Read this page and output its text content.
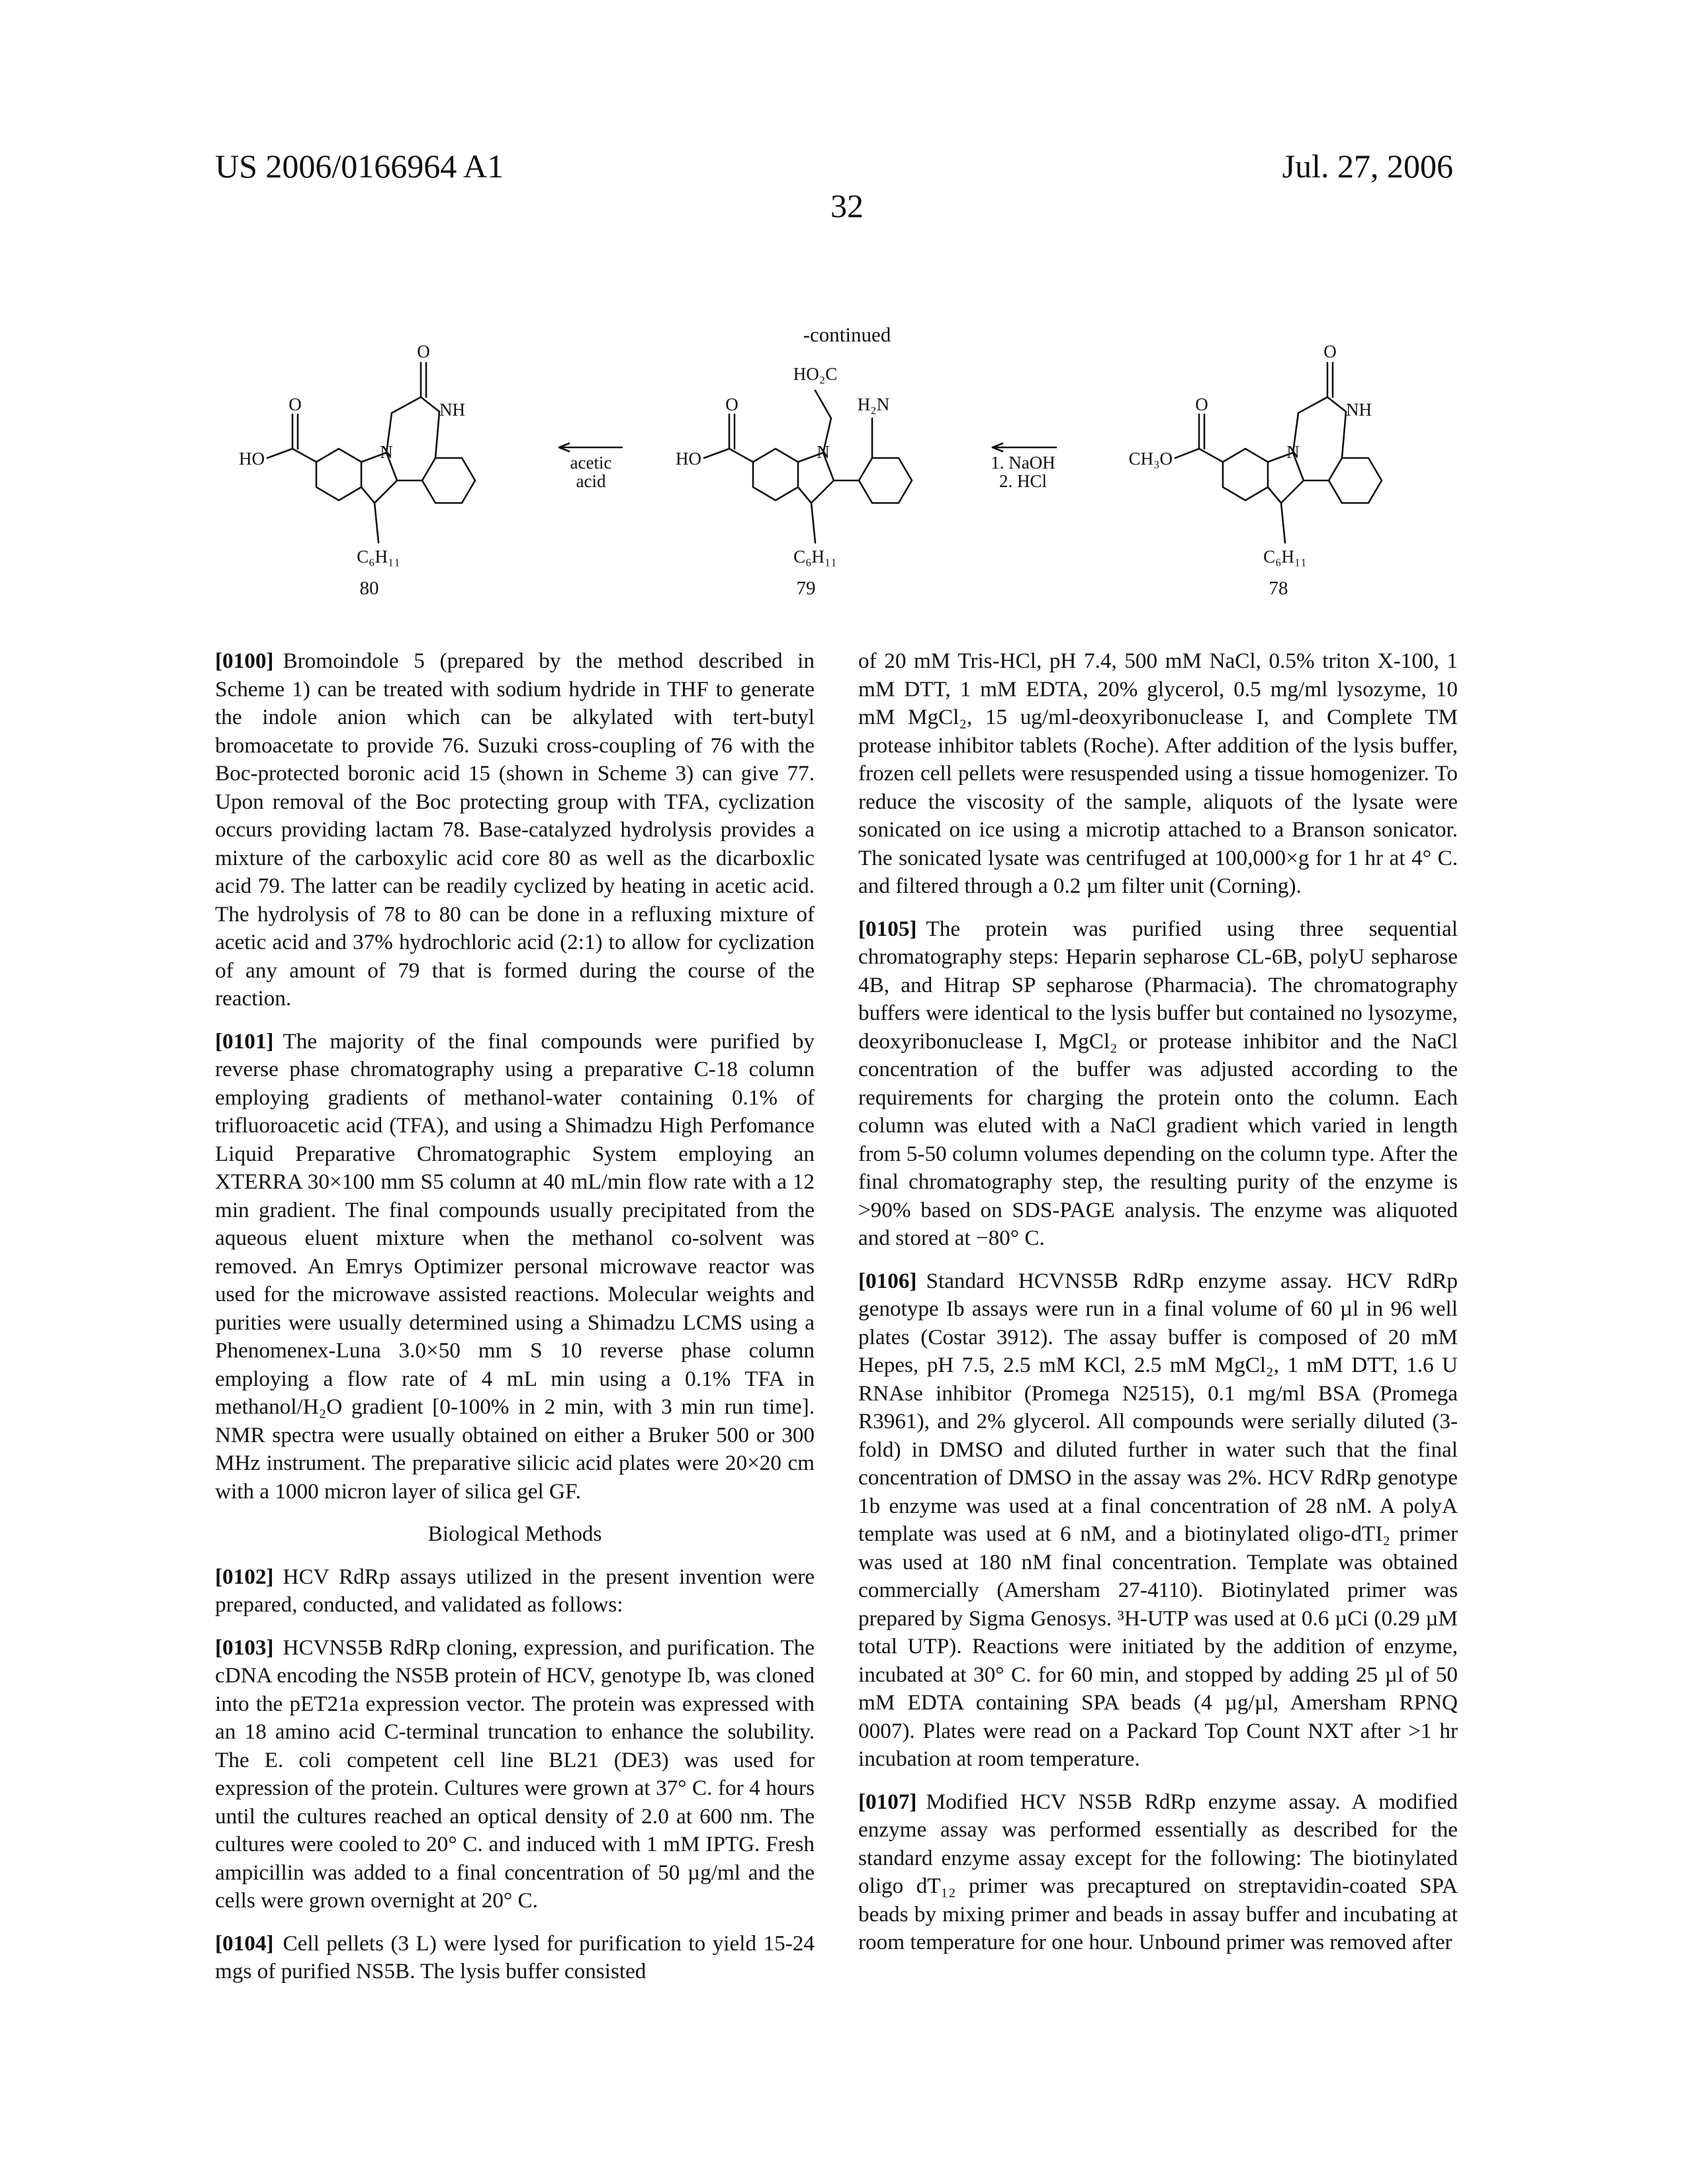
US 2006/0166964 A1
32
Jul. 27, 2006
-continued
O
O
HO	N
NH
C₆H₁₁
80
acetic
acid
HO₂C
H₂N
O
HO	N
C₆H₁₁
79
1. NaOH
2. HCl
O
O
CH₃O	N
NH
C₆H₁₁
78

[0100] Bromoindole 5 (prepared by the method described in Scheme 1) can be treated with sodium hydride in THF to generate the indole anion which can be alkylated with tert-butyl bromoacetate to provide 76. Suzuki cross-coupling of 76 with the Boc-protected boronic acid 15 (shown in Scheme 3) can give 77. Upon removal of the Boc protecting group with TFA, cyclization occurs providing lactam 78. Base-catalyzed hydrolysis provides a mixture of the carboxylic acid core 80 as well as the dicarboxlic acid 79. The latter can be readily cyclized by heating in acetic acid. The hydrolysis of 78 to 80 can be done in a refluxing mixture of acetic acid and 37% hydrochloric acid (2:1) to allow for cyclization of any amount of 79 that is formed during the course of the reaction.

[0101] The majority of the final compounds were purified by reverse phase chromatography using a preparative C-18 column employing gradients of methanol-water containing 0.1% of trifluoroacetic acid (TFA), and using a Shimadzu High Perfomance Liquid Preparative Chromatographic System employing an XTERRA 30×100 mm S5 column at 40 mL/min flow rate with a 12 min gradient. The final compounds usually precipitated from the aqueous eluent mixture when the methanol co-solvent was removed. An Emrys Optimizer personal microwave reactor was used for the microwave assisted reactions. Molecular weights and purities were usually determined using a Shimadzu LCMS using a Phenomenex-Luna 3.0×50 mm S 10 reverse phase column employing a flow rate of 4 mL min using a 0.1% TFA in methanol/H₂O gradient [0-100% in 2 min, with 3 min run time]. NMR spectra were usually obtained on either a Bruker 500 or 300 MHz instrument. The preparative silicic acid plates were 20×20 cm with a 1000 micron layer of silica gel GF.

Biological Methods

[0102] HCV RdRp assays utilized in the present invention were prepared, conducted, and validated as follows:

[0103] HCVNS5B RdRp cloning, expression, and purification. The cDNA encoding the NS5B protein of HCV, genotype Ib, was cloned into the pET21a expression vector. The protein was expressed with an 18 amino acid C-terminal truncation to enhance the solubility. The E. coli competent cell line BL21 (DE3) was used for expression of the protein. Cultures were grown at 37° C. for 4 hours until the cultures reached an optical density of 2.0 at 600 nm. The cultures were cooled to 20° C. and induced with 1 mM IPTG. Fresh ampicillin was added to a final concentration of 50 µg/ml and the cells were grown overnight at 20° C.

[0104] Cell pellets (3 L) were lysed for purification to yield 15-24 mgs of purified NS5B. The lysis buffer consisted

of 20 mM Tris-HCl, pH 7.4, 500 mM NaCl, 0.5% triton X-100, 1 mM DTT, 1 mM EDTA, 20% glycerol, 0.5 mg/ml lysozyme, 10 mM MgCl₂, 15 ug/ml-deoxyribonuclease I, and Complete TM protease inhibitor tablets (Roche). After addition of the lysis buffer, frozen cell pellets were resuspended using a tissue homogenizer. To reduce the viscosity of the sample, aliquots of the lysate were sonicated on ice using a microtip attached to a Branson sonicator. The sonicated lysate was centrifuged at 100,000×g for 1 hr at 4° C. and filtered through a 0.2 µm filter unit (Corning).

[0105] The protein was purified using three sequential chromatography steps: Heparin sepharose CL-6B, polyU sepharose 4B, and Hitrap SP sepharose (Pharmacia). The chromatography buffers were identical to the lysis buffer but contained no lysozyme, deoxyribonuclease I, MgCl₂ or protease inhibitor and the NaCl concentration of the buffer was adjusted according to the requirements for charging the protein onto the column. Each column was eluted with a NaCl gradient which varied in length from 5-50 column volumes depending on the column type. After the final chromatography step, the resulting purity of the enzyme is >90% based on SDS-PAGE analysis. The enzyme was aliquoted and stored at −80° C.

[0106] Standard HCVNS5B RdRp enzyme assay. HCV RdRp genotype Ib assays were run in a final volume of 60 µl in 96 well plates (Costar 3912). The assay buffer is composed of 20 mM Hepes, pH 7.5, 2.5 mM KCl, 2.5 mM MgCl₂, 1 mM DTT, 1.6 U RNAse inhibitor (Promega N2515), 0.1 mg/ml BSA (Promega R3961), and 2% glycerol. All compounds were serially diluted (3-fold) in DMSO and diluted further in water such that the final concentration of DMSO in the assay was 2%. HCV RdRp genotype 1b enzyme was used at a final concentration of 28 nM. A polyA template was used at 6 nM, and a biotinylated oligo-dTI₂ primer was used at 180 nM final concentration. Template was obtained commercially (Amersham 27-4110). Biotinylated primer was prepared by Sigma Genosys. ³H-UTP was used at 0.6 µCi (0.29 µM total UTP). Reactions were initiated by the addition of enzyme, incubated at 30° C. for 60 min, and stopped by adding 25 µl of 50 mM EDTA containing SPA beads (4 µg/µl, Amersham RPNQ 0007). Plates were read on a Packard Top Count NXT after >1 hr incubation at room temperature.

[0107] Modified HCV NS5B RdRp enzyme assay. A modified enzyme assay was performed essentially as described for the standard enzyme assay except for the following: The biotinylated oligo dT₁₂ primer was precaptured on streptavidin-coated SPA beads by mixing primer and beads in assay buffer and incubating at room temperature for one hour. Unbound primer was removed after
